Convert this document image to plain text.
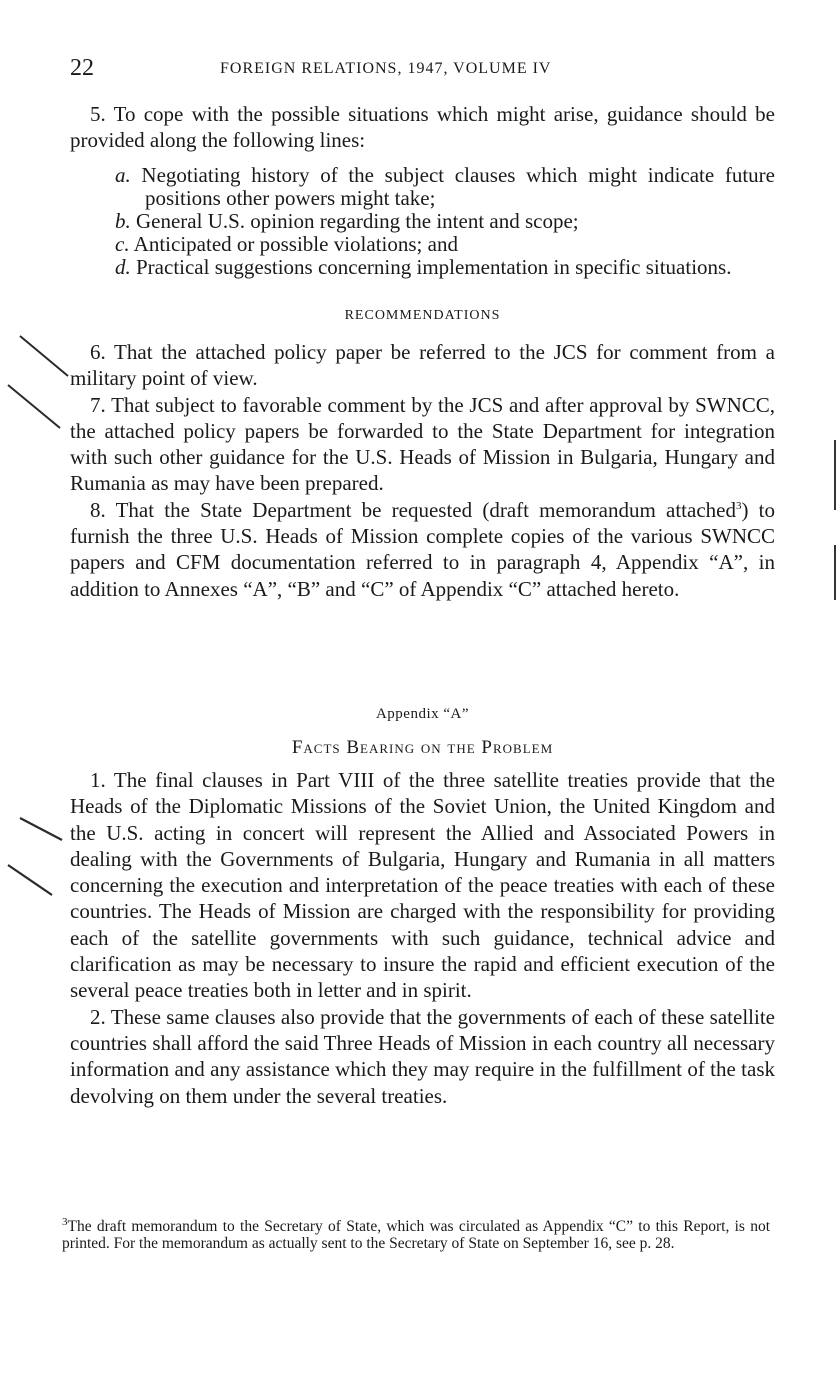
22	FOREIGN RELATIONS, 1947, VOLUME IV

5. To cope with the possible situations which might arise, guidance should be provided along the following lines:

a. Negotiating history of the subject clauses which might indicate future positions other powers might take;

b. General U.S. opinion regarding the intent and scope;

c. Anticipated or possible violations; and

d. Practical suggestions concerning implementation in specific situations.

RECOMMENDATIONS

6. That the attached policy paper be referred to the JCS for comment from a military point of view.

7. That subject to favorable comment by the JCS and after approval by SWNCC, the attached policy papers be forwarded to the State Department for integration with such other guidance for the U.S. Heads of Mission in Bulgaria, Hungary and Rumania as may have been prepared.

8. That the State Department be requested (draft memorandum attached$^3$) to furnish the three U.S. Heads of Mission complete copies of the various SWNCC papers and CFM documentation referred to in paragraph 4, Appendix “A”, in addition to Annexes “A”, “B” and “C” of Appendix “C” attached hereto.

Appendix “A”

Facts Bearing on the Problem

1. The final clauses in Part VIII of the three satellite treaties provide that the Heads of the Diplomatic Missions of the Soviet Union, the United Kingdom and the U.S. acting in concert will represent the Allied and Associated Powers in dealing with the Governments of Bulgaria, Hungary and Rumania in all matters concerning the execution and interpretation of the peace treaties with each of these countries. The Heads of Mission are charged with the responsibility for providing each of the satellite governments with such guidance, technical advice and clarification as may be necessary to insure the rapid and efficient execution of the several peace treaties both in letter and in spirit.

2. These same clauses also provide that the governments of each of these satellite countries shall afford the said Three Heads of Mission in each country all necessary information and any assistance which they may require in the fulfillment of the task devolving on them under the several treaties.

$^3$The draft memorandum to the Secretary of State, which was circulated as Appendix “C” to this Report, is not printed. For the memorandum as actually sent to the Secretary of State on September 16, see p. 28.
